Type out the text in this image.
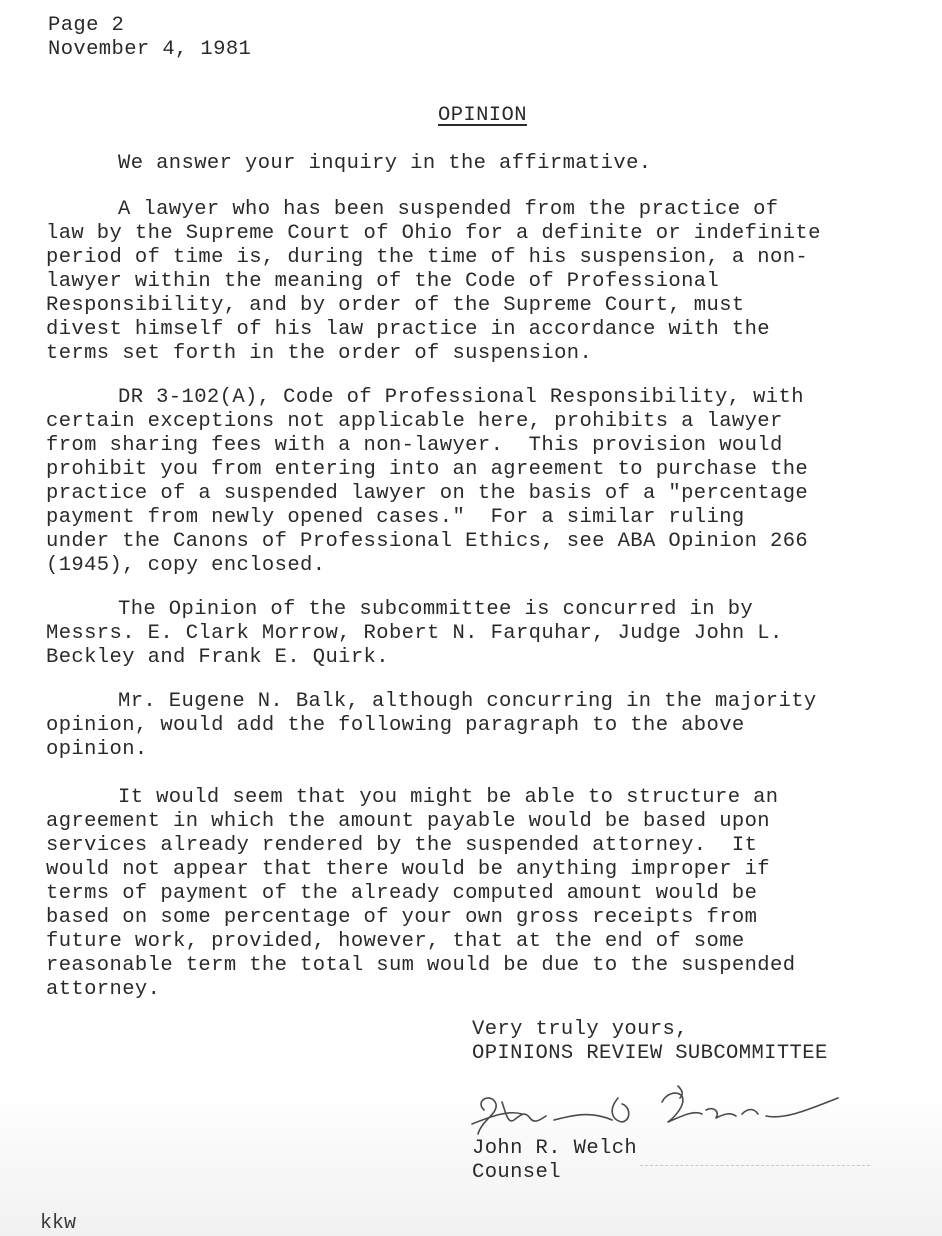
Page 2
November 4, 1981
OPINION
We answer your inquiry in the affirmative.
A lawyer who has been suspended from the practice of
law by the Supreme Court of Ohio for a definite or indefinite
period of time is, during the time of his suspension, a non-
lawyer within the meaning of the Code of Professional
Responsibility, and by order of the Supreme Court, must
divest himself of his law practice in accordance with the
terms set forth in the order of suspension.
DR 3-102(A), Code of Professional Responsibility, with
certain exceptions not applicable here, prohibits a lawyer
from sharing fees with a non-lawyer.  This provision would
prohibit you from entering into an agreement to purchase the
practice of a suspended lawyer on the basis of a "percentage
payment from newly opened cases."  For a similar ruling
under the Canons of Professional Ethics, see ABA Opinion 266
(1945), copy enclosed.
The Opinion of the subcommittee is concurred in by
Messrs. E. Clark Morrow, Robert N. Farquhar, Judge John L.
Beckley and Frank E. Quirk.
Mr. Eugene N. Balk, although concurring in the majority
opinion, would add the following paragraph to the above
opinion.
It would seem that you might be able to structure an
agreement in which the amount payable would be based upon
services already rendered by the suspended attorney.  It
would not appear that there would be anything improper if
terms of payment of the already computed amount would be
based on some percentage of your own gross receipts from
future work, provided, however, that at the end of some
reasonable term the total sum would be due to the suspended
attorney.
Very truly yours,
OPINIONS REVIEW SUBCOMMITTEE
John R. Welch
Counsel
kkw
